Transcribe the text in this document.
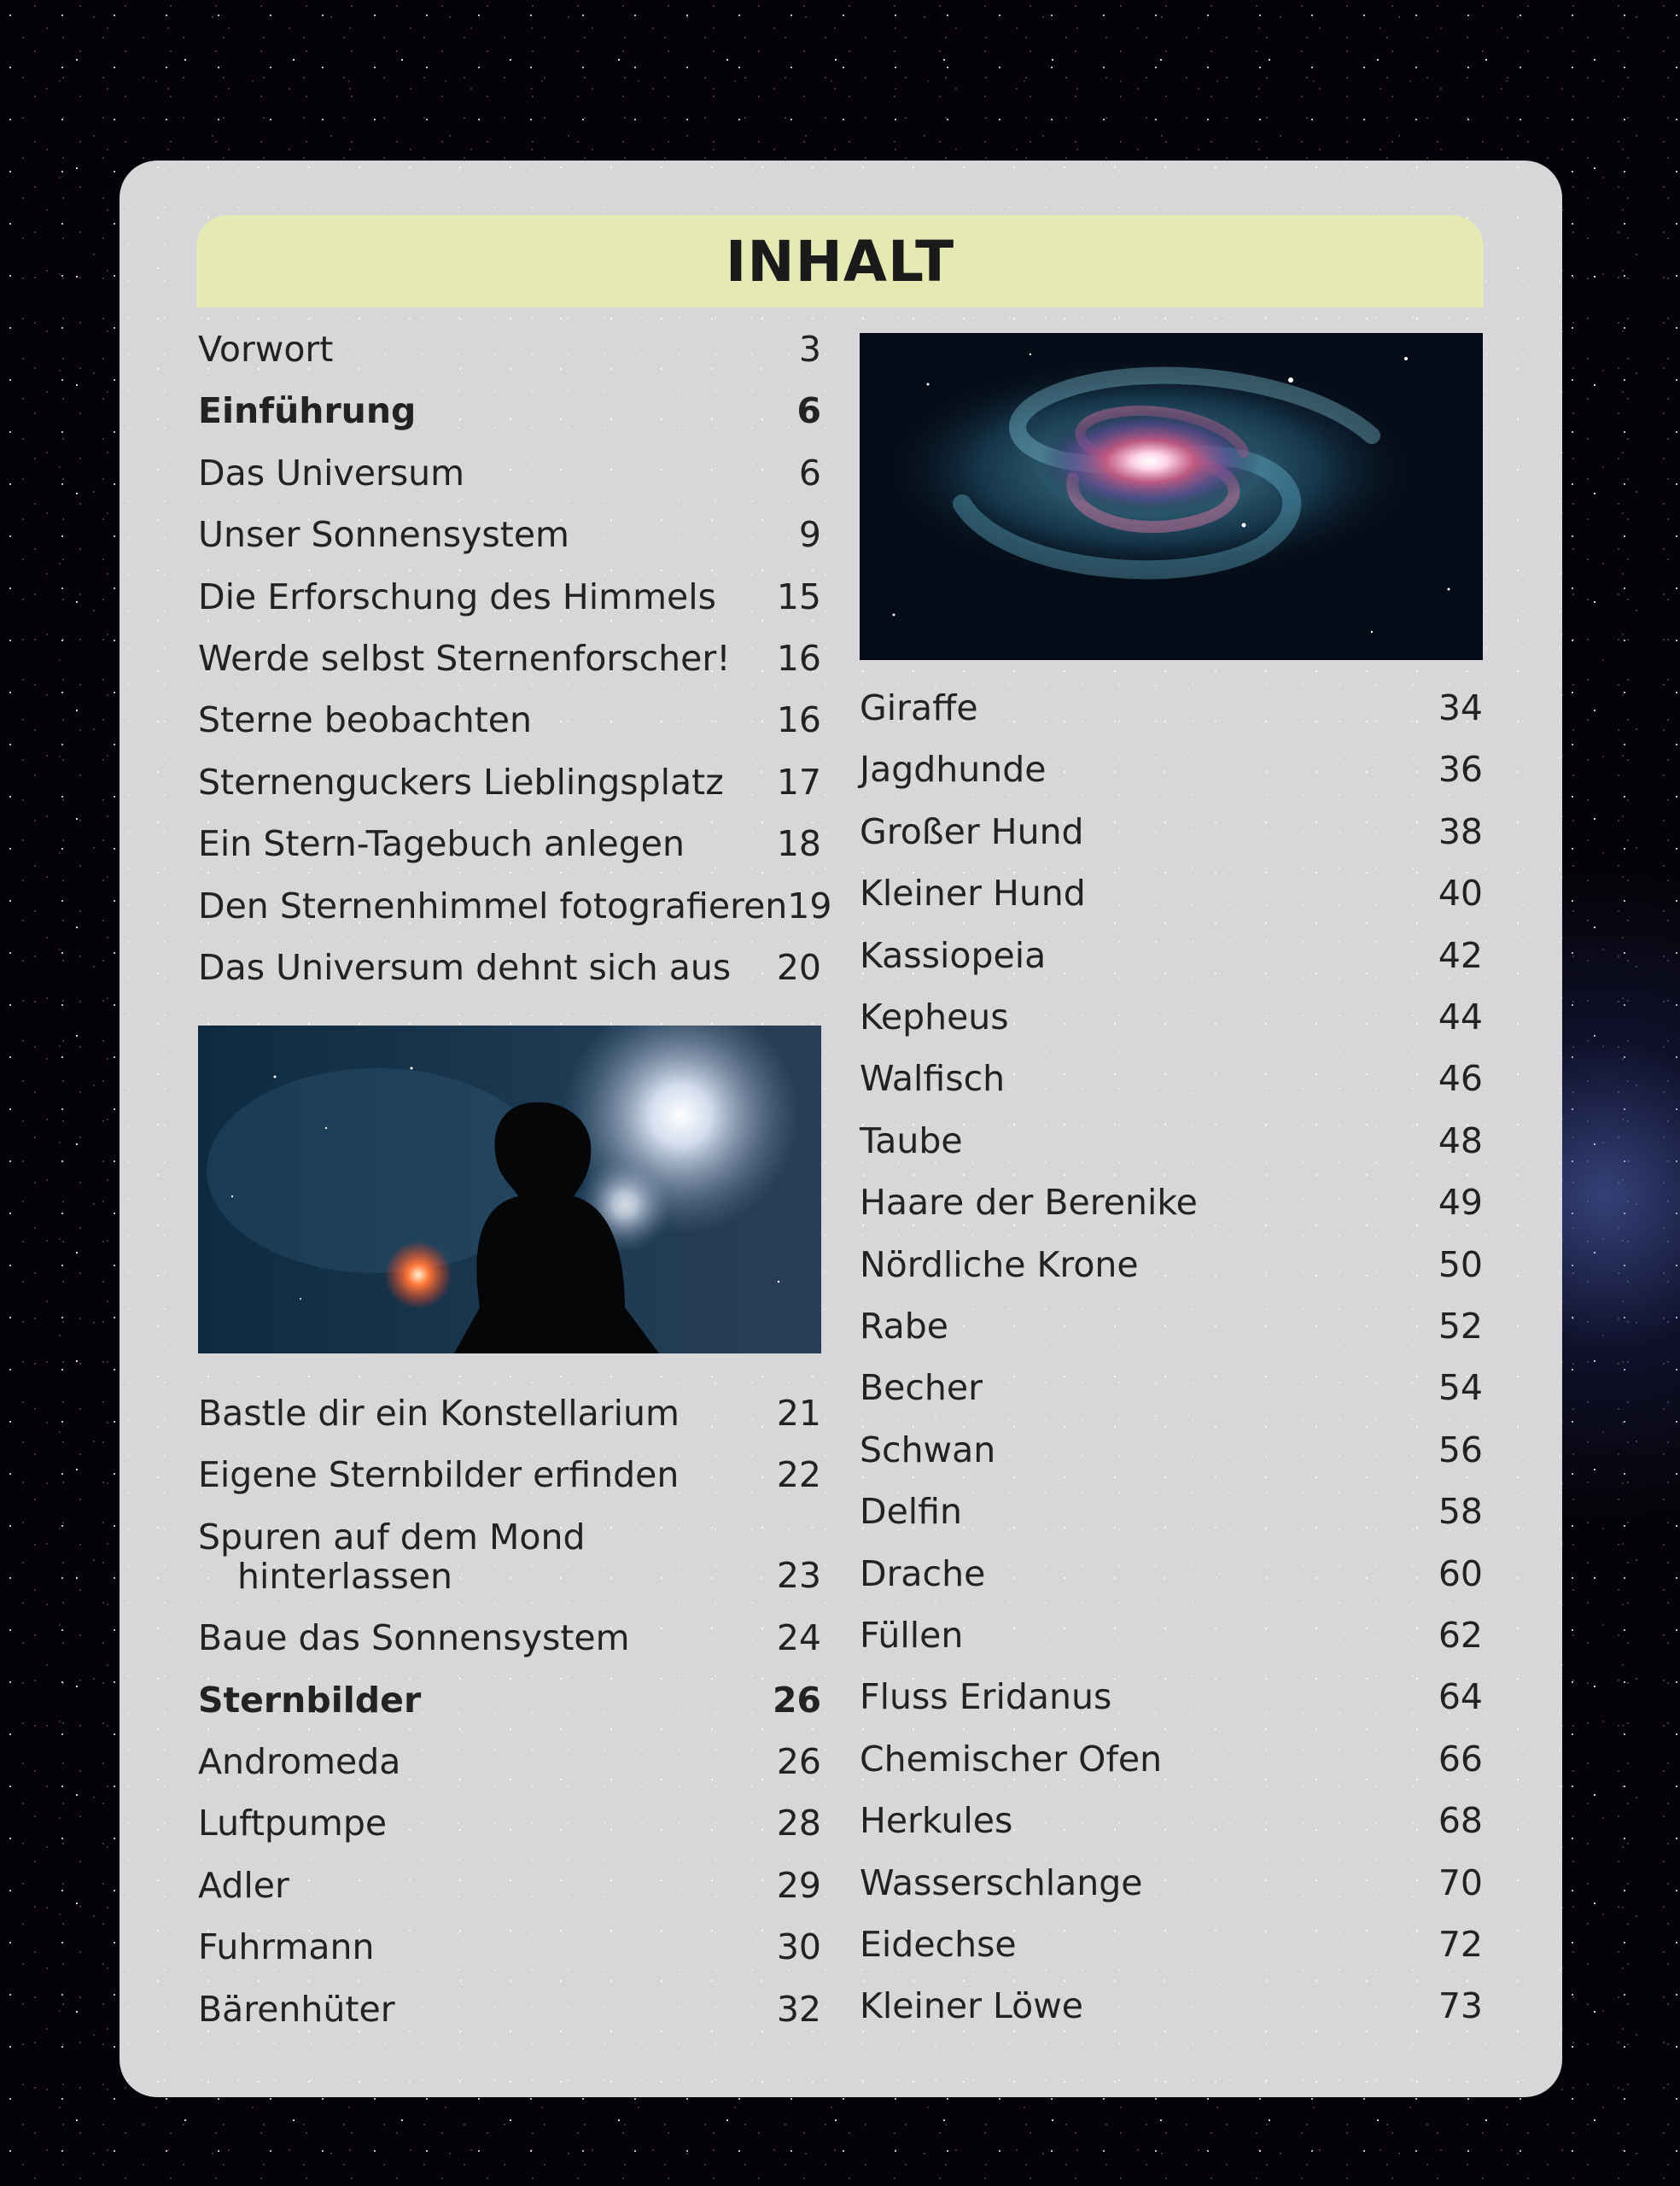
INHALT
Vorwort	3
Einführung	6
Das Universum	6
Unser Sonnensystem	9
Die Erforschung des Himmels 15
Werde selbst Sternenforscher! 16
Sterne beobachten	16
Sternenguckers Lieblingsplatz 17
Ein Stern-Tagebuch anlegen	18
Den Sternenhimmel fotografieren 19
Das Universum dehnt sich aus 20
Bastle dir ein Konstellarium	21
Eigene Sternbilder erfinden	22
Spuren auf dem Mond
hinterlassen	23
Baue das Sonnensystem	24
Sternbilder	26
Andromeda	26
Luftpumpe	28
Adler	29
Fuhrmann	30
Bärenhüter	32
Giraffe	34
Jagdhunde	36
Großer Hund	38
Kleiner Hund	40
Kassiopeia	42
Kepheus	44
Walfisch	46
Taube	48
Haare der Berenike	49
Nördliche Krone	50
Rabe	52
Becher	54
Schwan	56
Delfin	58
Drache	60
Füllen	62
Fluss Eridanus	64
Chemischer Ofen	66
Herkules	68
Wasserschlange	70
Eidechse	72
Kleiner Löwe	73
